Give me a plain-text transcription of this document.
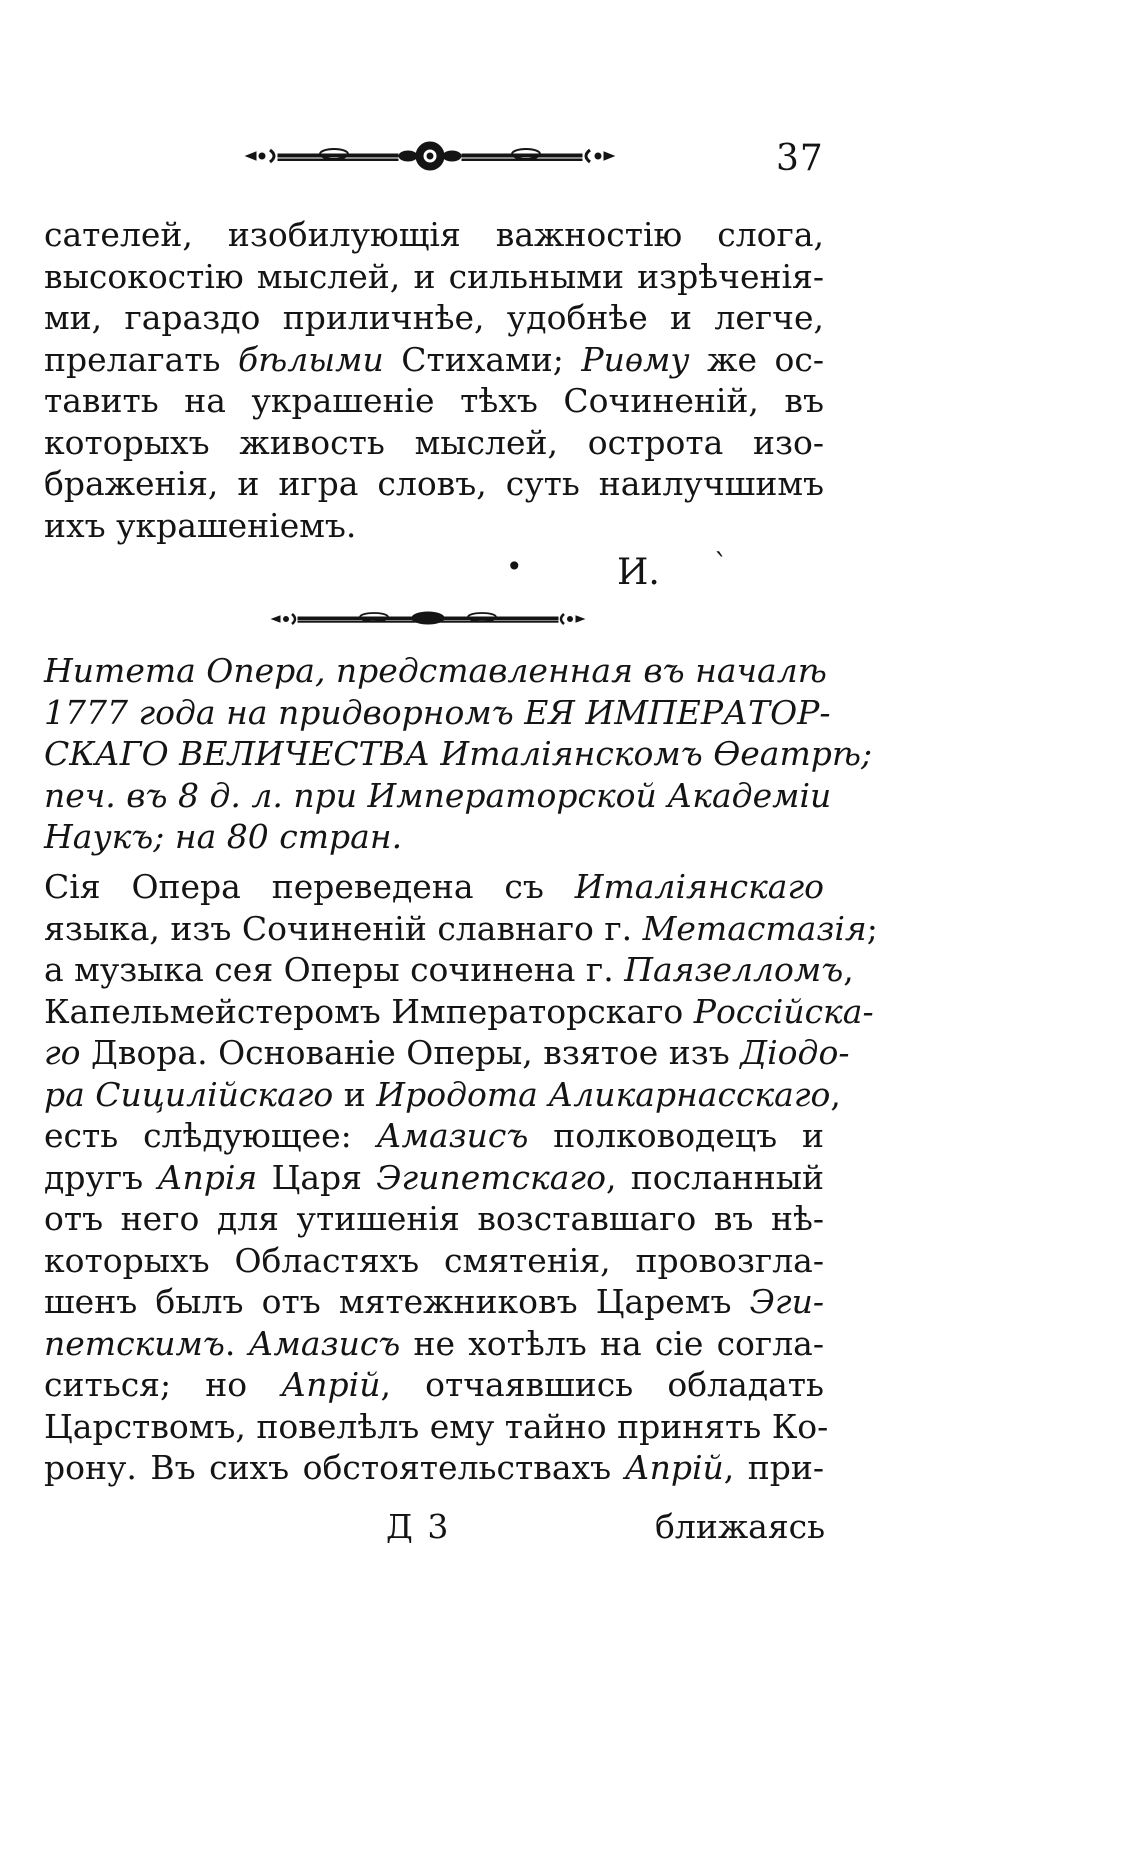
37
сателей, изобилующія важностію слога,
высокостію мыслей, и сильными изрѣченія-
ми, гараздо приличнѣе, удобнѣе и легче,
прелагать бѣлыми Стихами; Риѳму же ос-
тавить на украшеніе тѣхъ Сочиненій, въ
которыхъ живость мыслей, острота изо-
браженія, и игра словъ, суть наилучшимъ
ихъ украшеніемъ.
•	И. ˋ
Нитета Опера, представленная въ началѣ
1777 года на придворномъ ЕЯ ИМПЕРАТОР-
СКАГО ВЕЛИЧЕСТВА Италіянскомъ Ѳеатрѣ;
печ. въ 8 д. л. при Императорской Академіи
Наукъ; на 80 стран.
Сія Опера переведена съ Италіянскаго
языка, изъ Сочиненій славнаго г. Метастазія;
а музыка сея Оперы сочинена г. Паязелломъ,
Капельмейстеромъ Императорскаго Россійска-
го Двора. Основаніе Оперы, взятое изъ Діодо-
ра Сицилійскаго и Иродота Аликарнасскаго,
есть слѣдующее: Амазисъ полководецъ и
другъ Апрія Царя Эгипетскаго, посланный
отъ него для утишенія возставшаго въ нѣ-
которыхъ Областяхъ смятенія, провозгла-
шенъ былъ отъ мятежниковъ Царемъ Эги-
петскимъ. Амазисъ не хотѣлъ на сіе согла-
ситься; но Апрій, отчаявшись обладать
Царствомъ, повелѣлъ ему тайно принять Ко-
рону. Въ сихъ обстоятельствахъ Апрій, при-
Д 3	ближаясь
